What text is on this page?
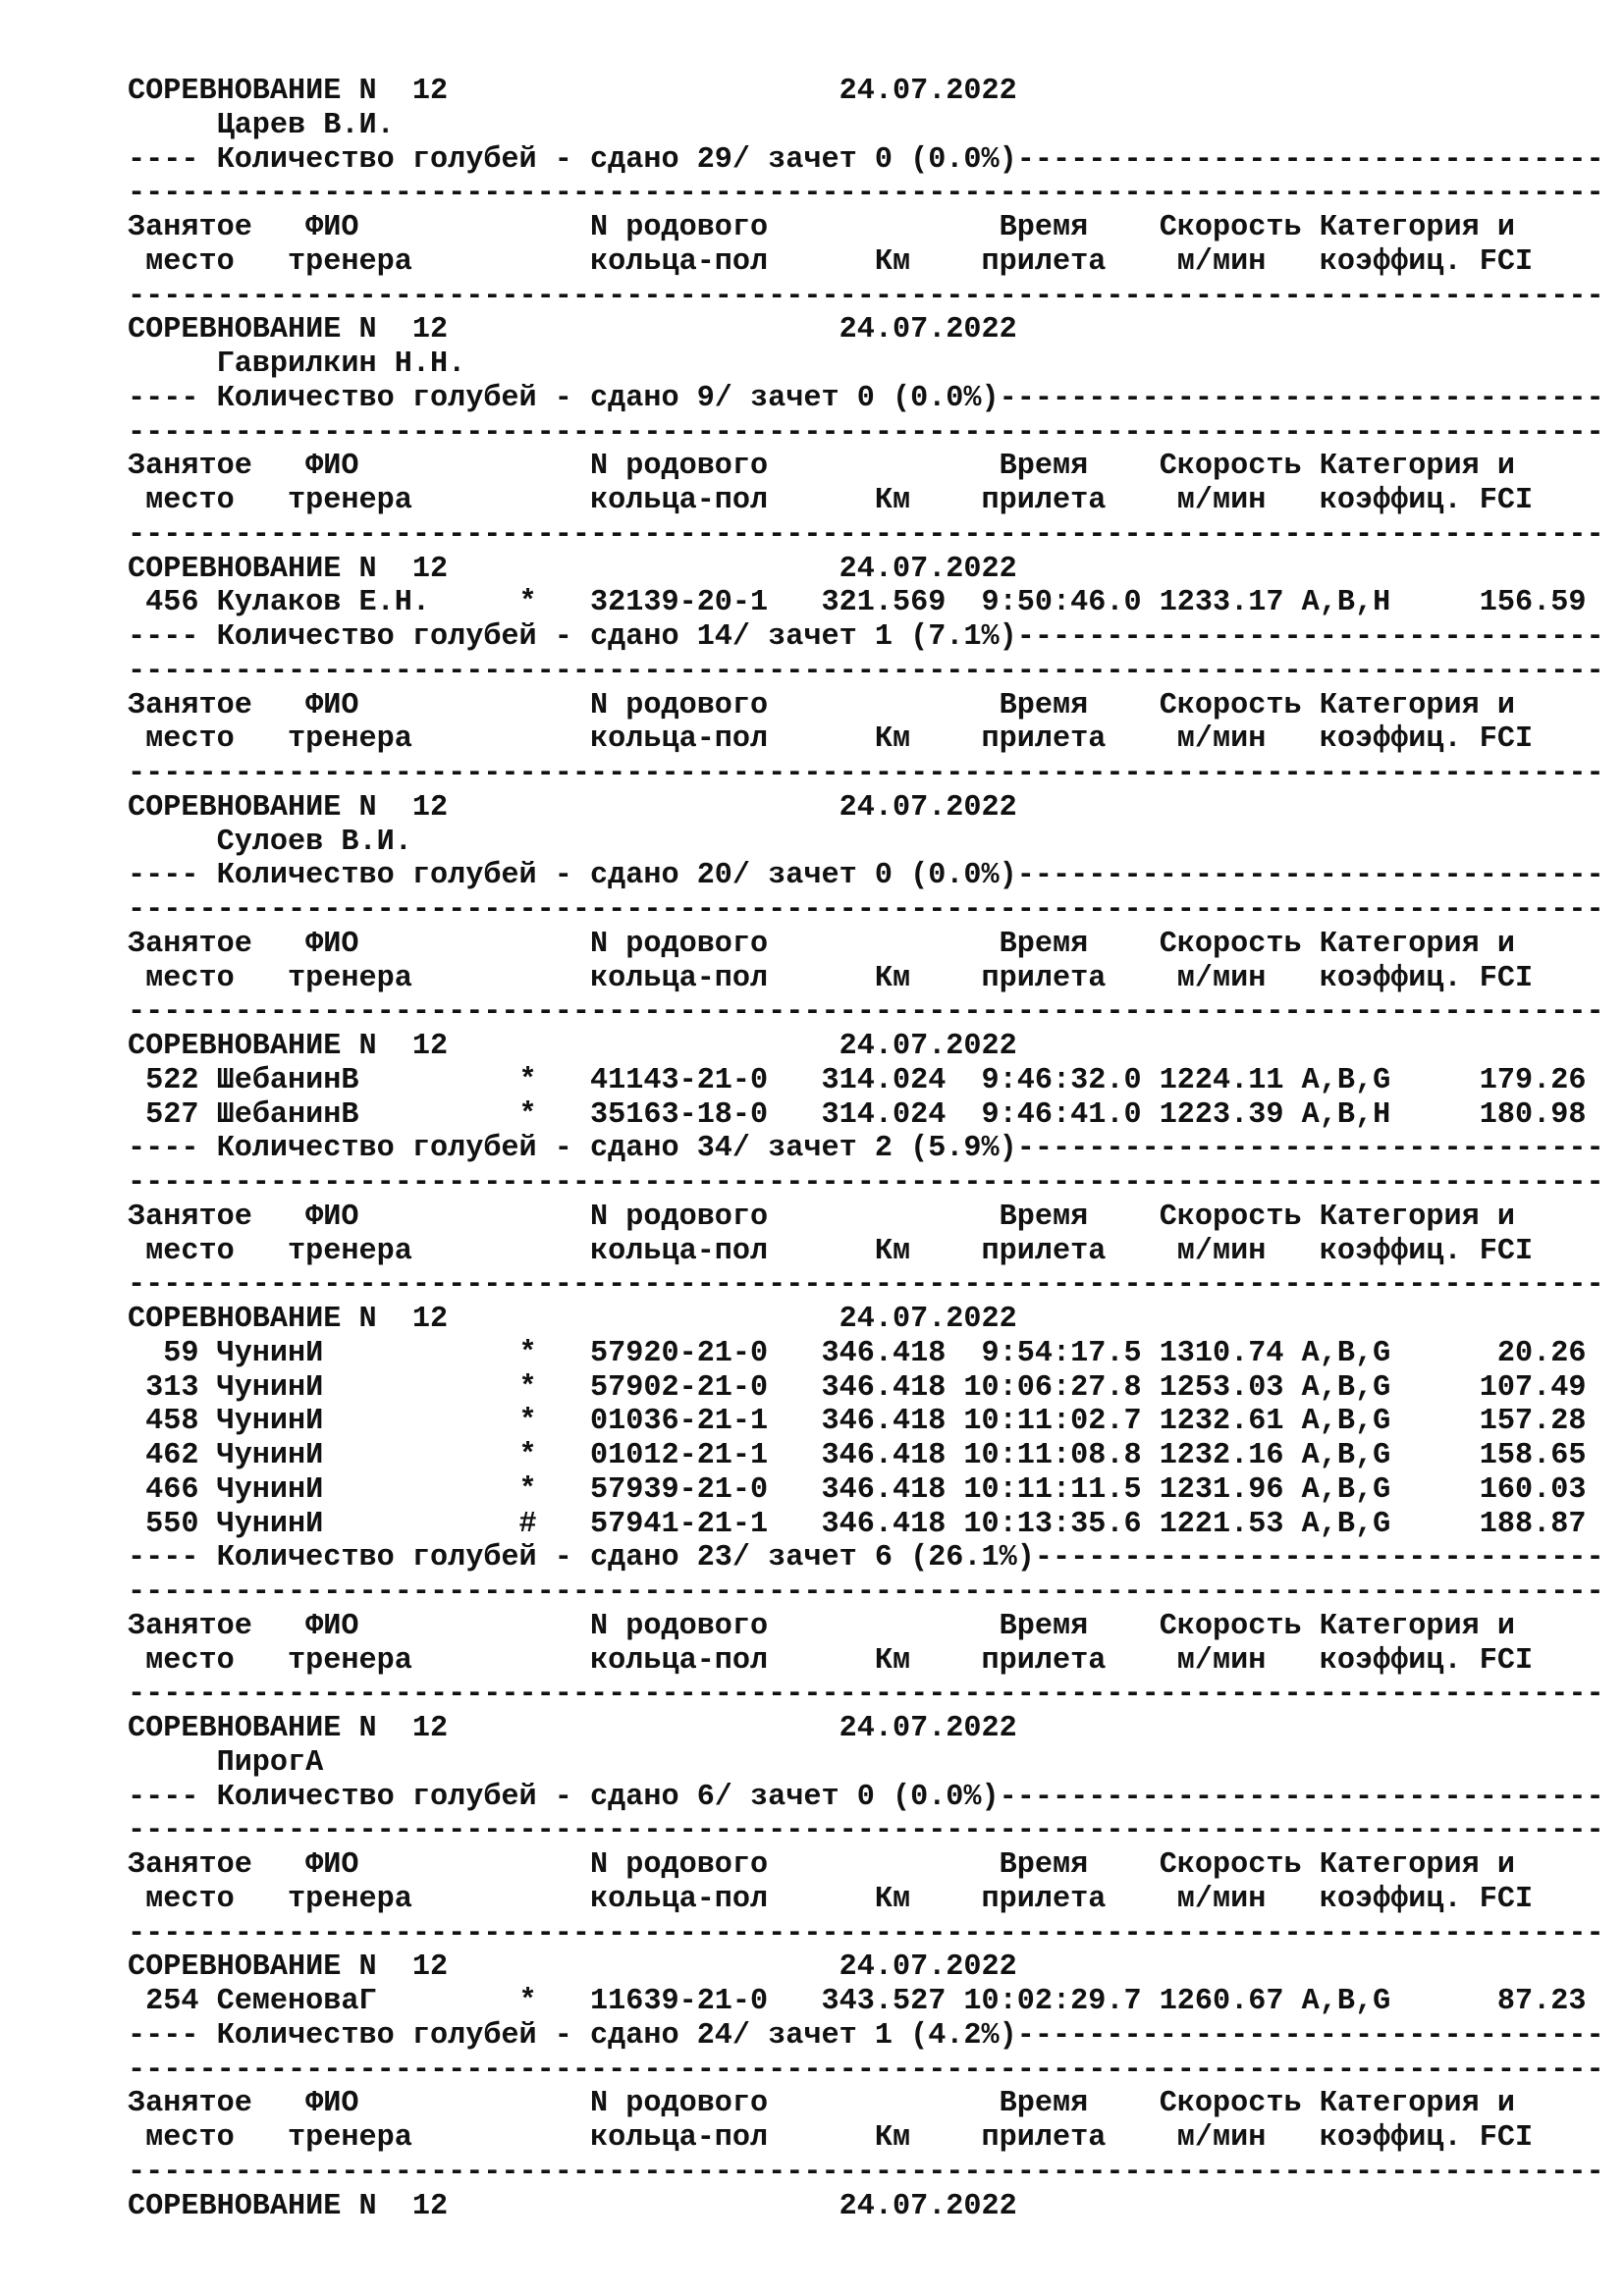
СОРЕВНОВАНИЕ N  12                      24.07.2022
Царев В.И.
---- Количество голубей - сдано 29/ зачет 0 (0.0%)---------------------------------
-----------------------------------------------------------------------------------
Занятое   ФИО             N родового             Время    Скорость Категория и
место   тренера          кольца-пол      Км    прилета    м/мин   коэффиц. FCI
-----------------------------------------------------------------------------------
СОРЕВНОВАНИЕ N  12                      24.07.2022
Гаврилкин Н.Н.
---- Количество голубей - сдано 9/ зачет 0 (0.0%)----------------------------------
-----------------------------------------------------------------------------------
Занятое   ФИО             N родового             Время    Скорость Категория и
место   тренера          кольца-пол      Км    прилета    м/мин   коэффиц. FCI
-----------------------------------------------------------------------------------
СОРЕВНОВАНИЕ N  12                      24.07.2022
456 Кулаков Е.Н.     *   32139-20-1   321.569  9:50:46.0 1233.17 A,B,H     156.59
---- Количество голубей - сдано 14/ зачет 1 (7.1%)---------------------------------
-----------------------------------------------------------------------------------
Занятое   ФИО             N родового             Время    Скорость Категория и
место   тренера          кольца-пол      Км    прилета    м/мин   коэффиц. FCI
-----------------------------------------------------------------------------------
СОРЕВНОВАНИЕ N  12                      24.07.2022
Сулоев В.И.
---- Количество голубей - сдано 20/ зачет 0 (0.0%)---------------------------------
-----------------------------------------------------------------------------------
Занятое   ФИО             N родового             Время    Скорость Категория и
место   тренера          кольца-пол      Км    прилета    м/мин   коэффиц. FCI
-----------------------------------------------------------------------------------
СОРЕВНОВАНИЕ N  12                      24.07.2022
522 ШебанинВ         *   41143-21-0   314.024  9:46:32.0 1224.11 A,B,G     179.26
527 ШебанинВ         *   35163-18-0   314.024  9:46:41.0 1223.39 A,B,H     180.98
---- Количество голубей - сдано 34/ зачет 2 (5.9%)---------------------------------
-----------------------------------------------------------------------------------
Занятое   ФИО             N родового             Время    Скорость Категория и
место   тренера          кольца-пол      Км    прилета    м/мин   коэффиц. FCI
-----------------------------------------------------------------------------------
СОРЕВНОВАНИЕ N  12                      24.07.2022
59 ЧунинИ           *   57920-21-0   346.418  9:54:17.5 1310.74 A,B,G      20.26
313 ЧунинИ           *   57902-21-0   346.418 10:06:27.8 1253.03 A,B,G     107.49
458 ЧунинИ           *   01036-21-1   346.418 10:11:02.7 1232.61 A,B,G     157.28
462 ЧунинИ           *   01012-21-1   346.418 10:11:08.8 1232.16 A,B,G     158.65
466 ЧунинИ           *   57939-21-0   346.418 10:11:11.5 1231.96 A,B,G     160.03
550 ЧунинИ           #   57941-21-1   346.418 10:13:35.6 1221.53 A,B,G     188.87
---- Количество голубей - сдано 23/ зачет 6 (26.1%)--------------------------------
-----------------------------------------------------------------------------------
Занятое   ФИО             N родового             Время    Скорость Категория и
место   тренера          кольца-пол      Км    прилета    м/мин   коэффиц. FCI
-----------------------------------------------------------------------------------
СОРЕВНОВАНИЕ N  12                      24.07.2022
ПирогА
---- Количество голубей - сдано 6/ зачет 0 (0.0%)----------------------------------
-----------------------------------------------------------------------------------
Занятое   ФИО             N родового             Время    Скорость Категория и
место   тренера          кольца-пол      Км    прилета    м/мин   коэффиц. FCI
-----------------------------------------------------------------------------------
СОРЕВНОВАНИЕ N  12                      24.07.2022
254 СеменоваГ        *   11639-21-0   343.527 10:02:29.7 1260.67 A,B,G      87.23
---- Количество голубей - сдано 24/ зачет 1 (4.2%)---------------------------------
-----------------------------------------------------------------------------------
Занятое   ФИО             N родового             Время    Скорость Категория и
место   тренера          кольца-пол      Км    прилета    м/мин   коэффиц. FCI
-----------------------------------------------------------------------------------
СОРЕВНОВАНИЕ N  12                      24.07.2022
